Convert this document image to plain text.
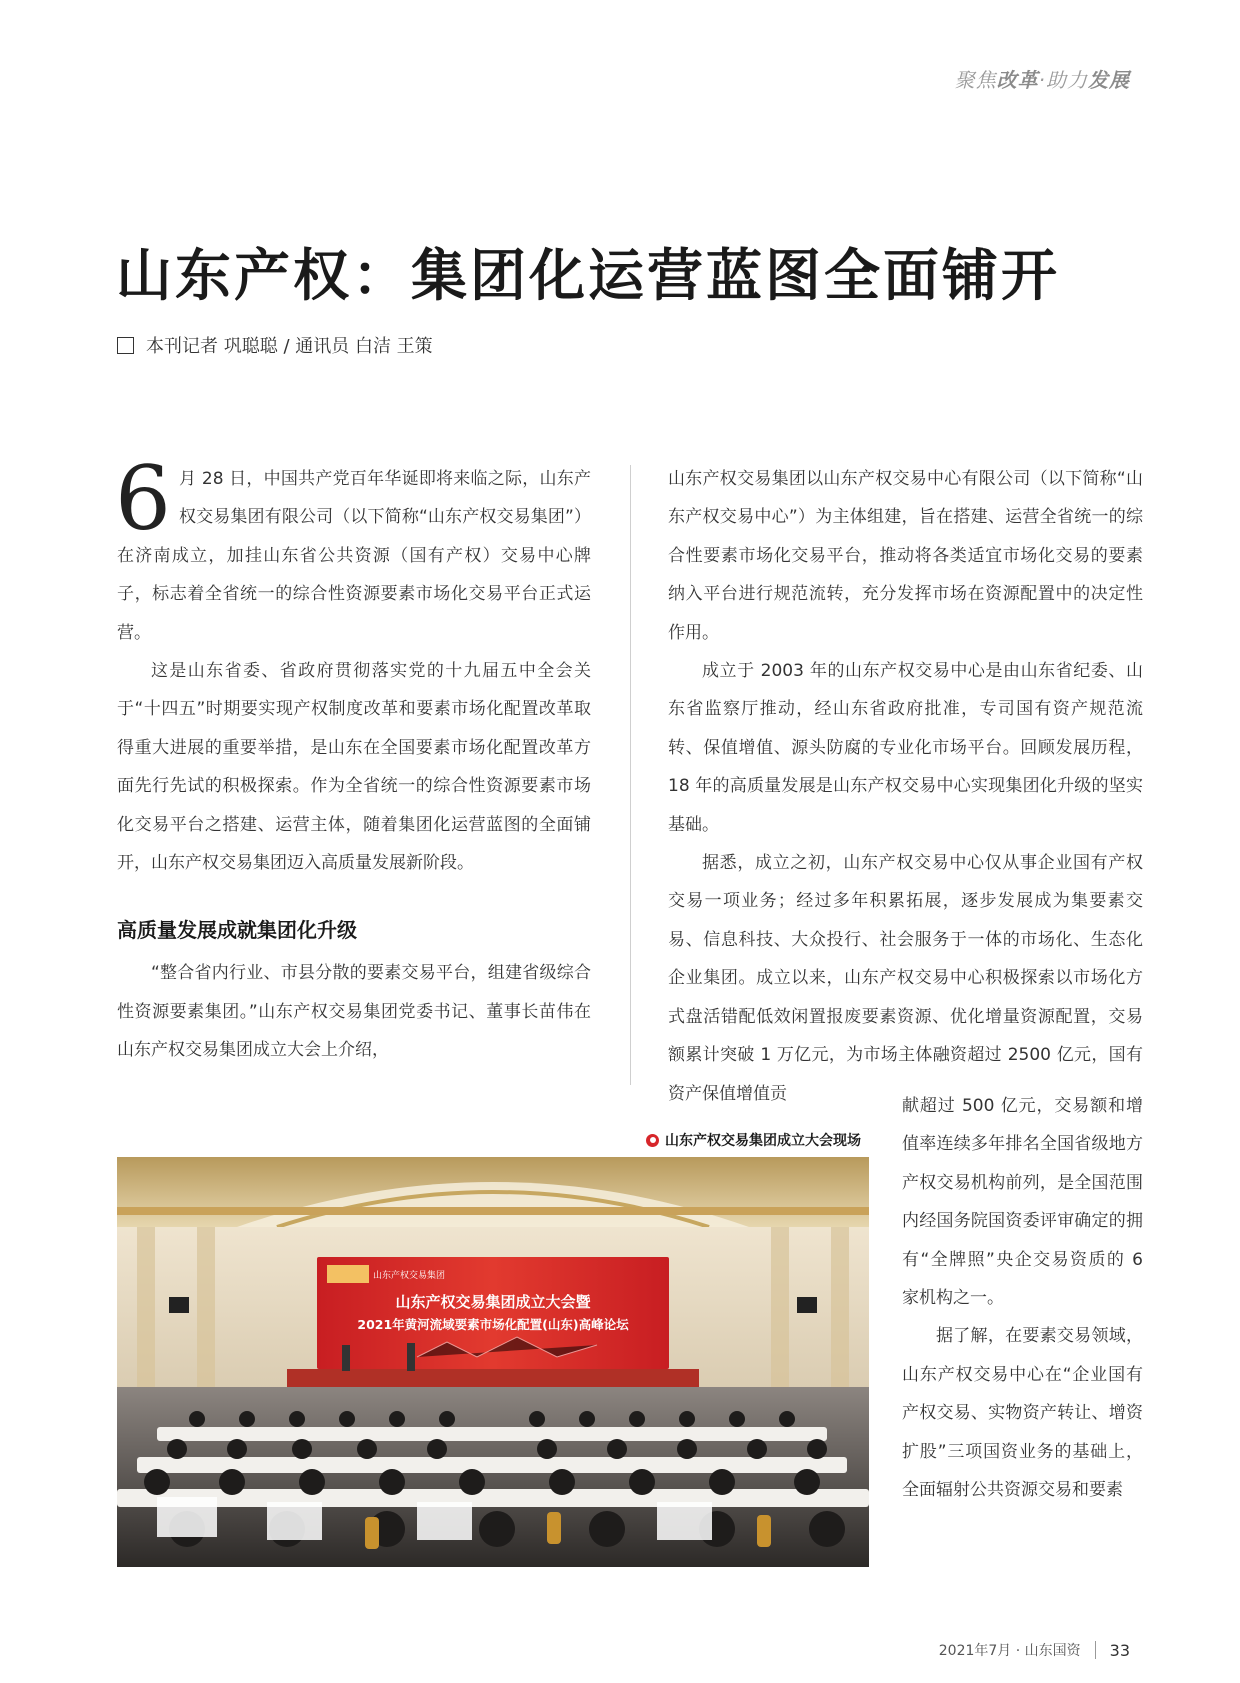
聚焦改革·助力发展
山东产权：集团化运营蓝图全面铺开
本刊记者 巩聪聪 / 通讯员 白洁 王策

6 月 28 日，中国共产党百年华诞即将来临之际，山东产权交易集团有限公司（以下简称“山东产权交易集团”）在济南成立，加挂山东省公共资源（国有产权）交易中心牌子，标志着全省统一的综合性资源要素市场化交易平台正式运营。

这是山东省委、省政府贯彻落实党的十九届五中全会关于“十四五”时期要实现产权制度改革和要素市场化配置改革取得重大进展的重要举措，是山东在全国要素市场化配置改革方面先行先试的积极探索。作为全省统一的综合性资源要素市场化交易平台之搭建、运营主体，随着集团化运营蓝图的全面铺开，山东产权交易集团迈入高质量发展新阶段。

高质量发展成就集团化升级

“整合省内行业、市县分散的要素交易平台，组建省级综合性资源要素集团。”山东产权交易集团党委书记、董事长苗伟在山东产权交易集团成立大会上介绍，

山东产权交易集团以山东产权交易中心有限公司（以下简称“山东产权交易中心”）为主体组建，旨在搭建、运营全省统一的综合性要素市场化交易平台，推动将各类适宜市场化交易的要素纳入平台进行规范流转，充分发挥市场在资源配置中的决定性作用。

成立于 2003 年的山东产权交易中心是由山东省纪委、山东省监察厅推动，经山东省政府批准，专司国有资产规范流转、保值增值、源头防腐的专业化市场平台。回顾发展历程，18 年的高质量发展是山东产权交易中心实现集团化升级的坚实基础。

据悉，成立之初，山东产权交易中心仅从事企业国有产权交易一项业务；经过多年积累拓展，逐步发展成为集要素交易、信息科技、大众投行、社会服务于一体的市场化、生态化企业集团。成立以来，山东产权交易中心积极探索以市场化方式盘活错配低效闲置报废要素资源、优化增量资源配置，交易额累计突破 1 万亿元，为市场主体融资超过 2500 亿元，国有资产保值增值贡

献超过 500 亿元，交易额和增值率连续多年排名全国省级地方产权交易机构前列，是全国范围内经国务院国资委评审确定的拥有“全牌照”央企交易资质的 6 家机构之一。

据了解，在要素交易领域，山东产权交易中心在“企业国有产权交易、实物资产转让、增资扩股”三项国资业务的基础上，全面辐射公共资源交易和要素

山东产权交易集团成立大会现场
山东产权交易集团
山东产权交易集团成立大会暨
2021年黄河流域要素市场化配置(山东)高峰论坛
2021年7月 · 山东国资 33
